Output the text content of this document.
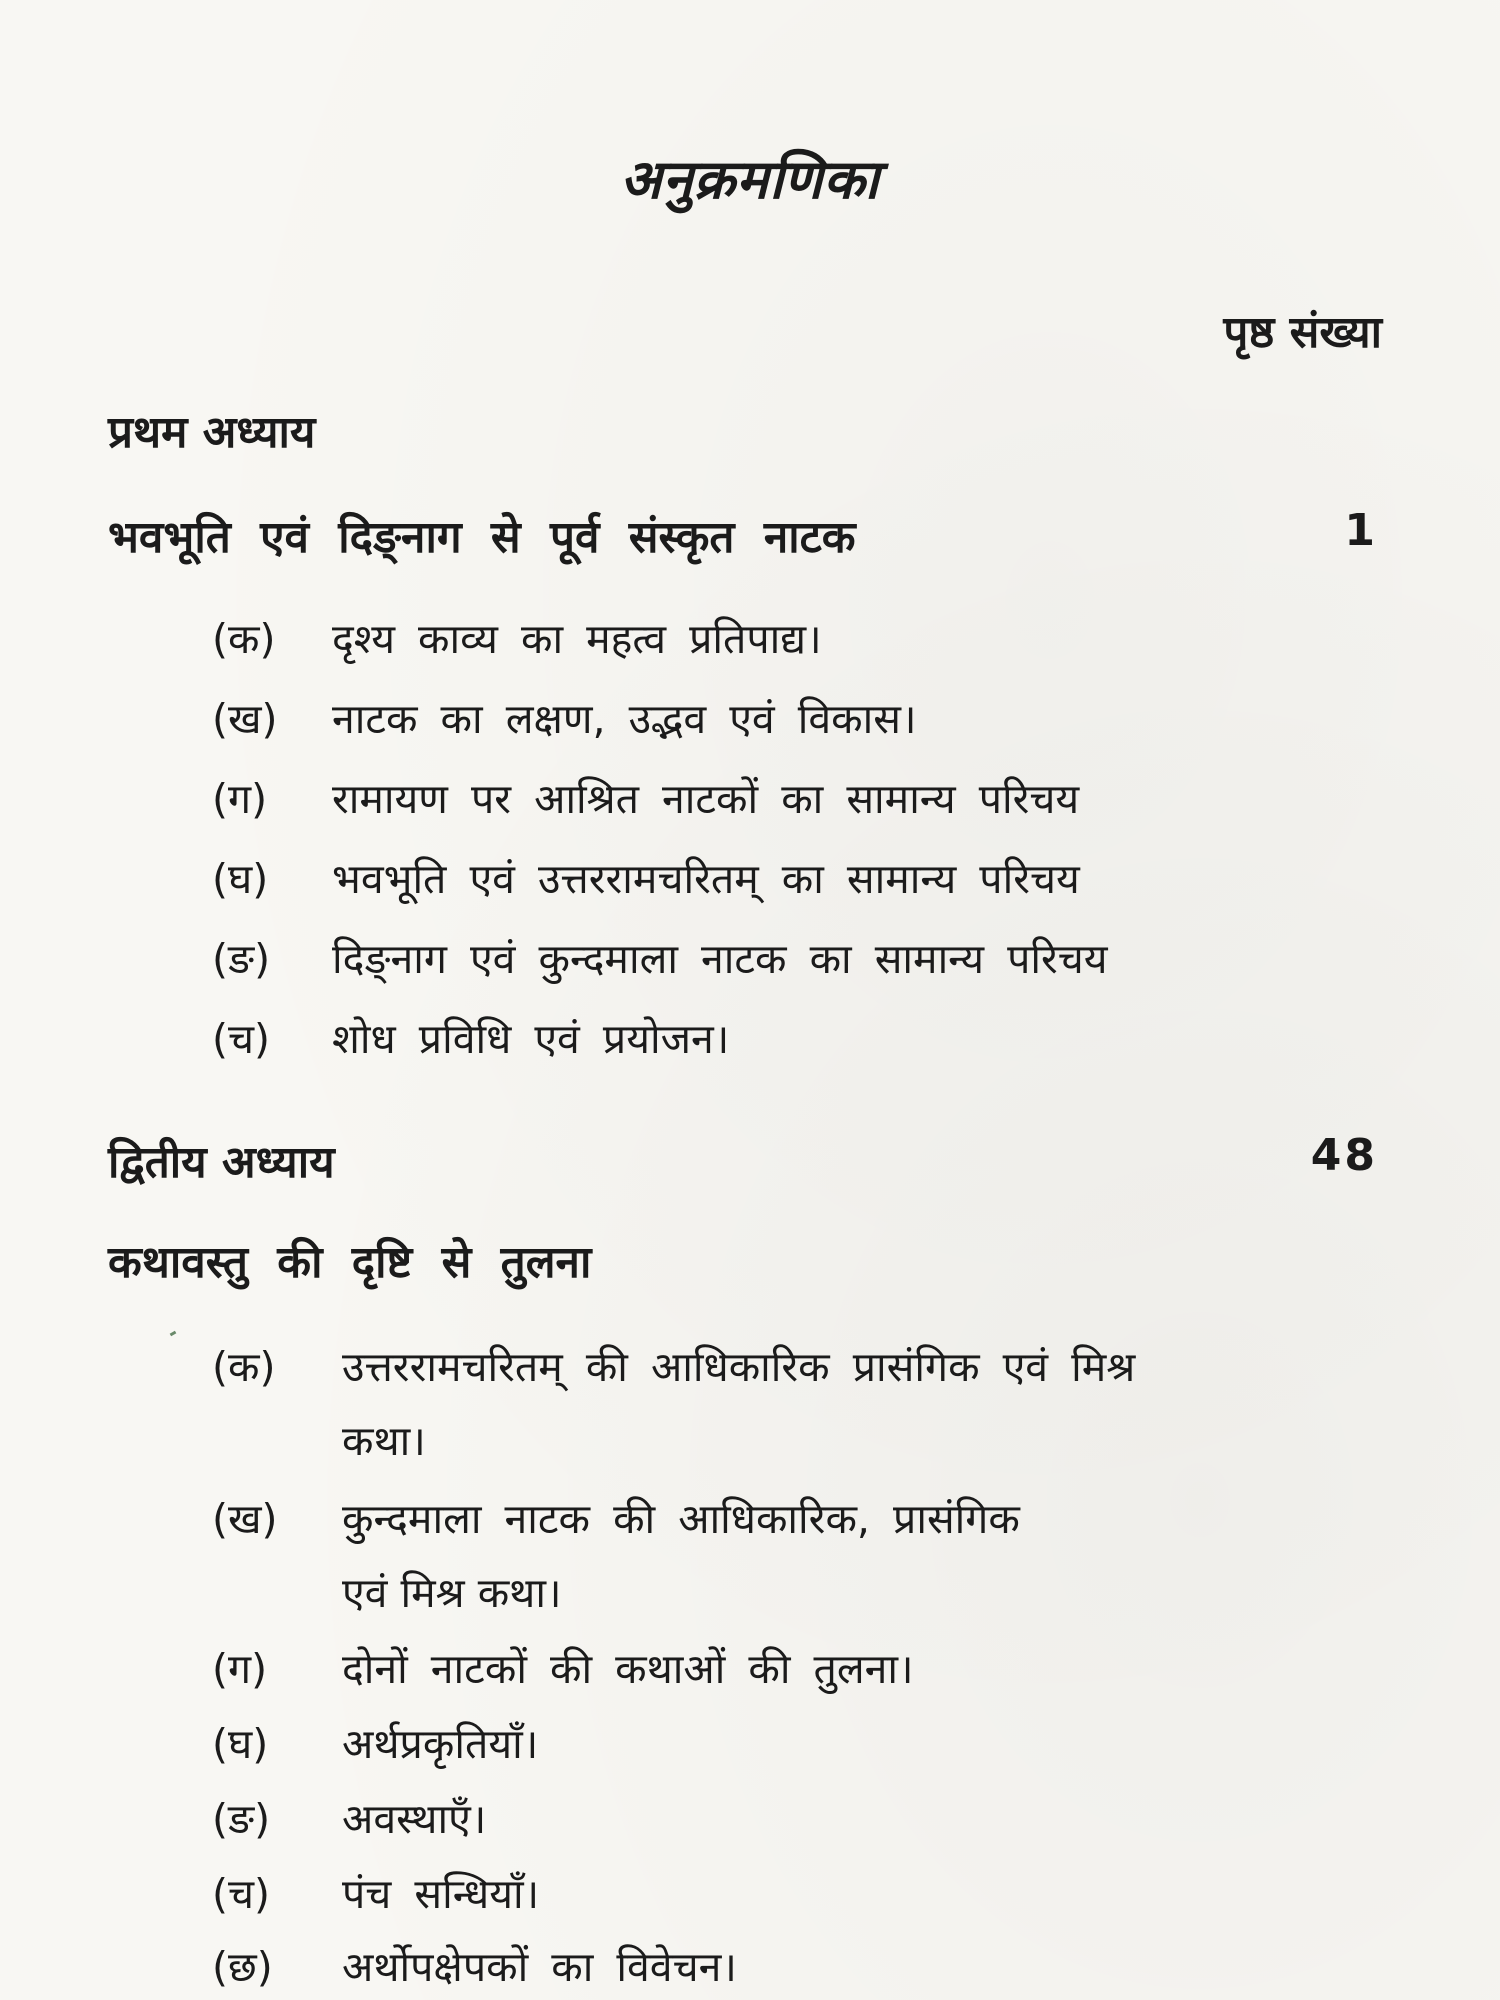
अनुक्रमणिका
पृष्ठ संख्या
प्रथम अध्याय
भवभूति एवं दिङ्नाग से पूर्व संस्कृत नाटक	1
(क) दृश्य काव्य का महत्व प्रतिपाद्य।
(ख) नाटक का लक्षण, उद्भव एवं विकास।
(ग) रामायण पर आश्रित नाटकों का सामान्य परिचय
(घ) भवभूति एवं उत्तररामचरितम् का सामान्य परिचय
(ङ) दिङ्नाग एवं कुन्दमाला नाटक का सामान्य परिचय
(च) शोध प्रविधि एवं प्रयोजन।
द्वितीय अध्याय	48
कथावस्तु की दृष्टि से तुलना
(क) उत्तररामचरितम् की आधिकारिक प्रासंगिक एवं मिश्र
कथा।
(ख) कुन्दमाला नाटक की आधिकारिक, प्रासंगिक
एवं मिश्र कथा।
(ग) दोनों नाटकों की कथाओं की तुलना।
(घ) अर्थप्रकृतियाँ।
(ङ) अवस्थाएँ।
(च) पंच सन्धियाँ।
(छ) अर्थोपक्षेपकों का विवेचन।
